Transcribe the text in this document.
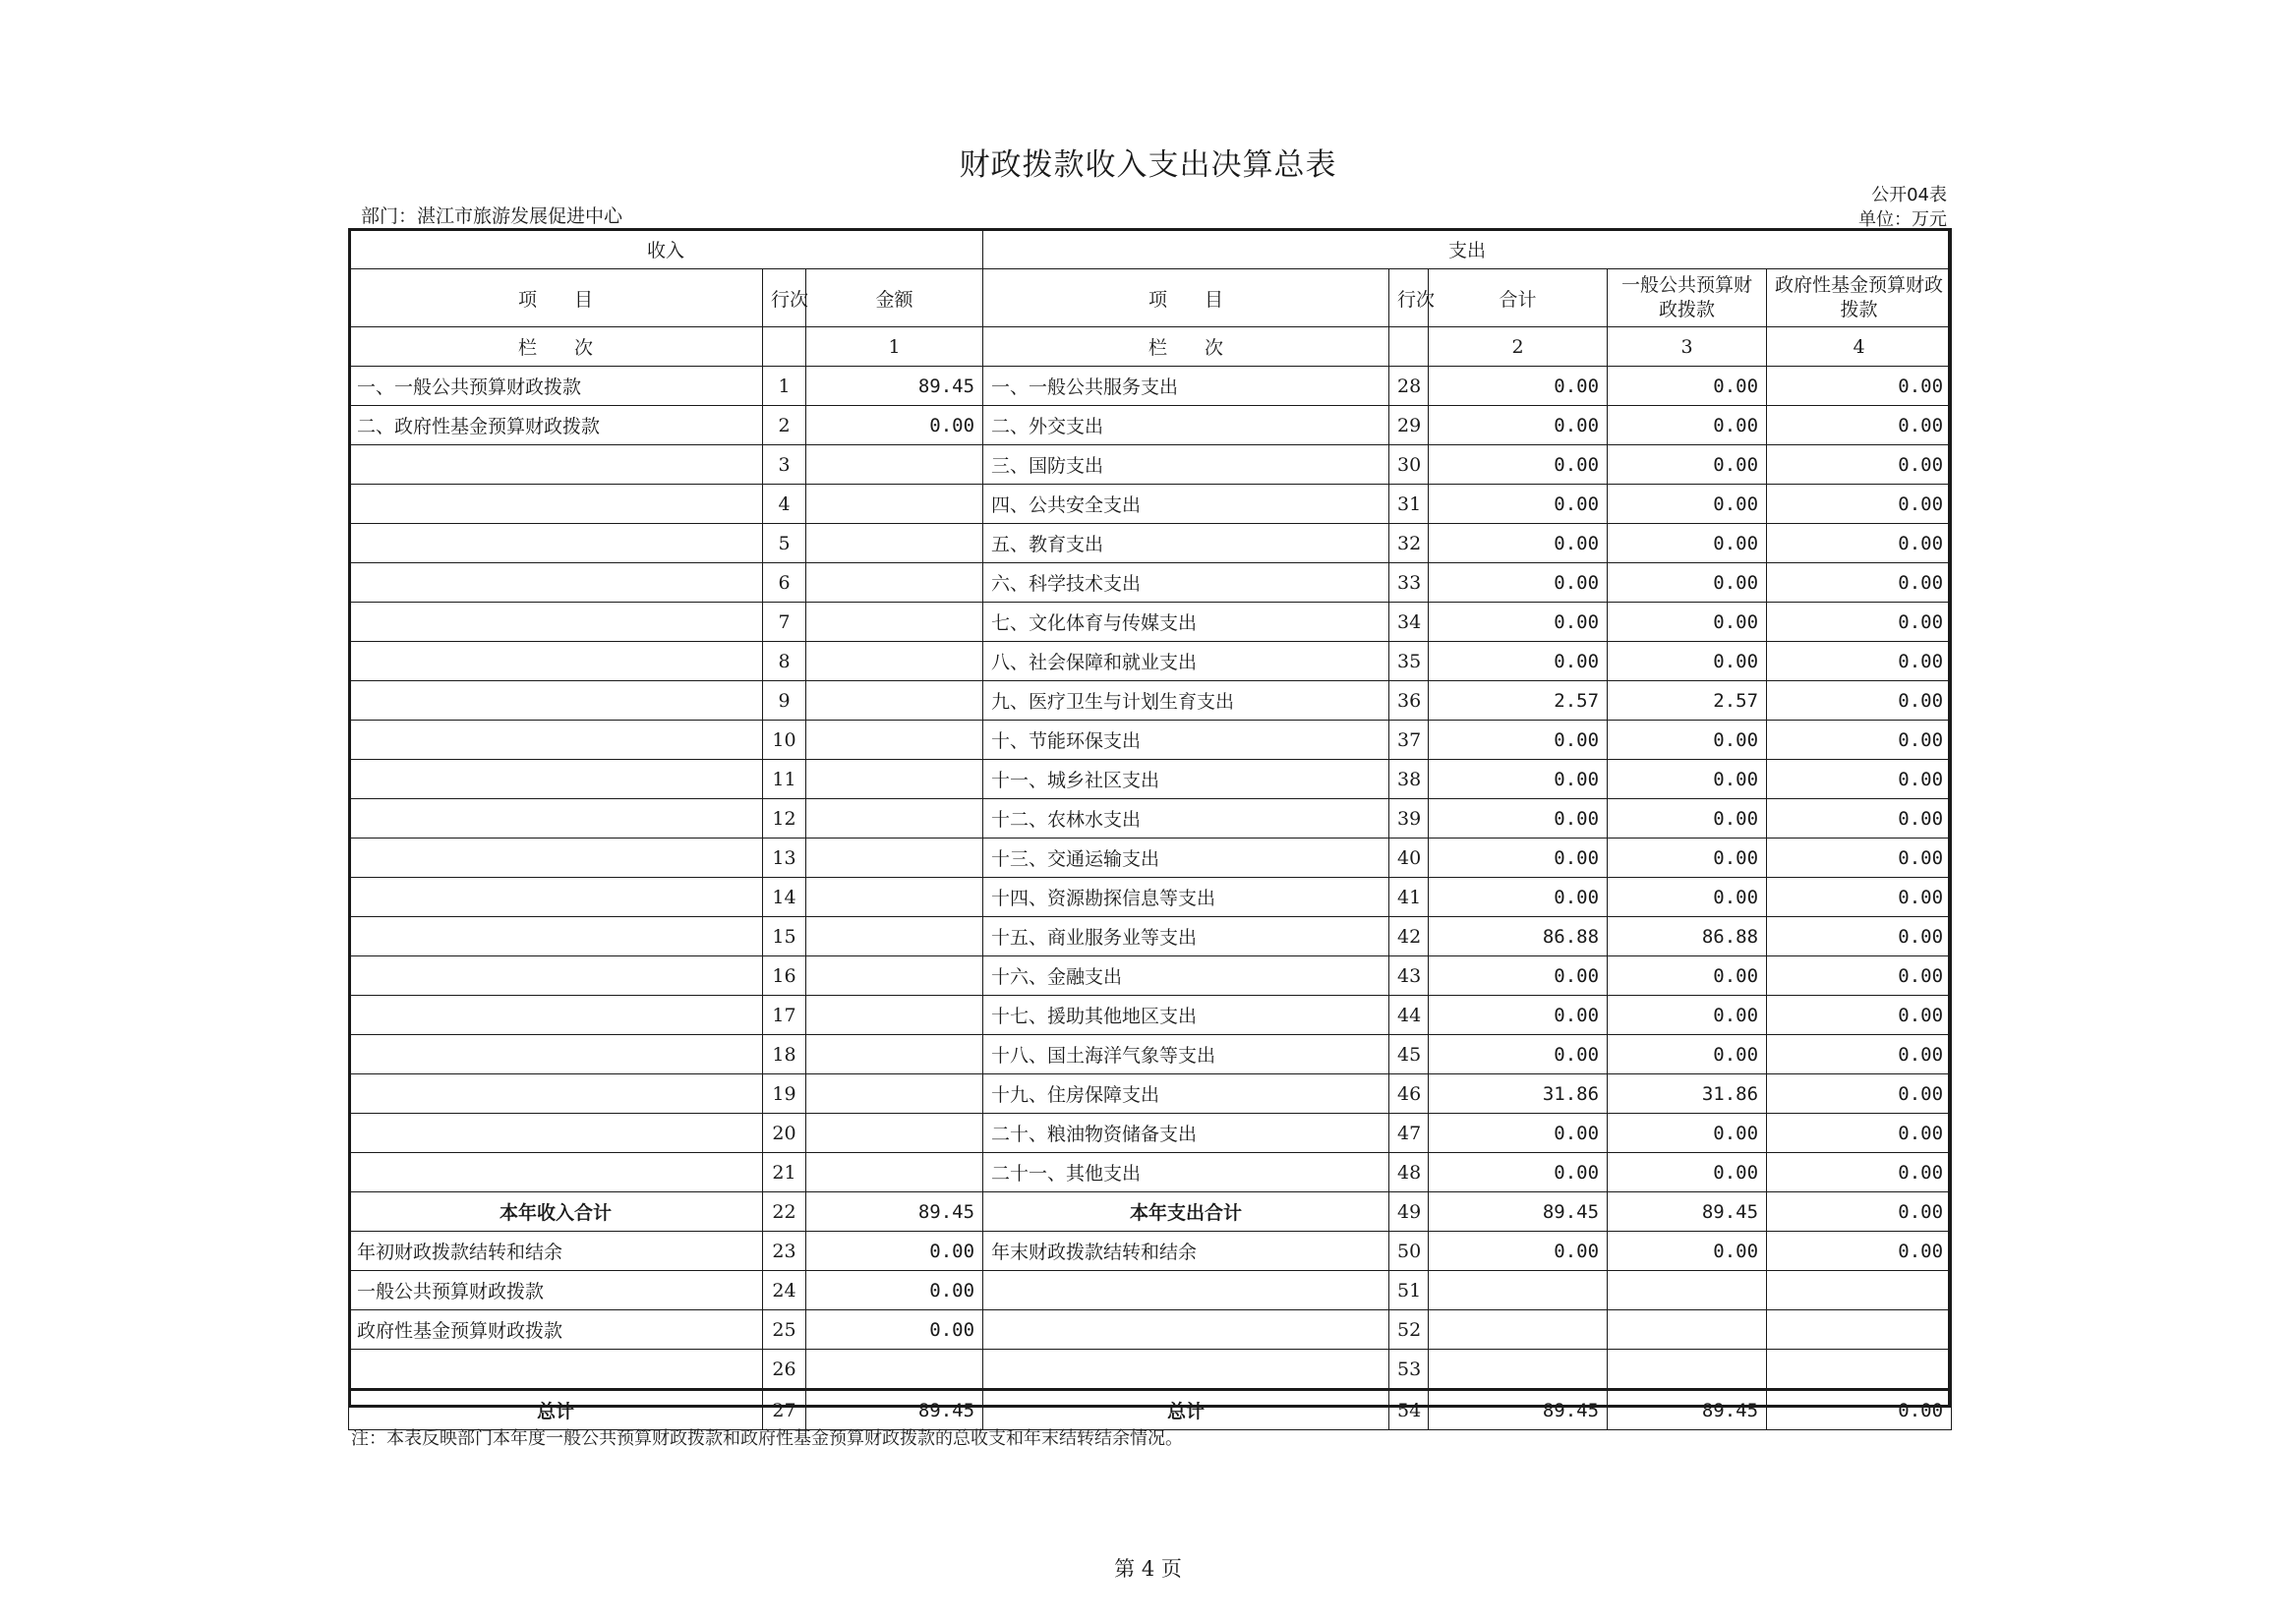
财政拨款收入支出决算总表
公开04表
部门：湛江市旅游发展促进中心	单位：万元
收入			支出				
项　　目	行次	金额	项　　目	行次	合计	一般公共预算财政拨款	政府性基金预算财政拨款
栏　　次		1	栏　　次		2	3	4
一、一般公共预算财政拨款	1	89.45	一、一般公共服务支出	28	0.00	0.00	0.00
二、政府性基金预算财政拨款	2	0.00	二、外交支出	29	0.00	0.00	0.00
	3		三、国防支出	30	0.00	0.00	0.00
	4		四、公共安全支出	31	0.00	0.00	0.00
	5		五、教育支出	32	0.00	0.00	0.00
	6		六、科学技术支出	33	0.00	0.00	0.00
	7		七、文化体育与传媒支出	34	0.00	0.00	0.00
	8		八、社会保障和就业支出	35	0.00	0.00	0.00
	9		九、医疗卫生与计划生育支出	36	2.57	2.57	0.00
	10		十、节能环保支出	37	0.00	0.00	0.00
	11		十一、城乡社区支出	38	0.00	0.00	0.00
	12		十二、农林水支出	39	0.00	0.00	0.00
	13		十三、交通运输支出	40	0.00	0.00	0.00
	14		十四、资源勘探信息等支出	41	0.00	0.00	0.00
	15		十五、商业服务业等支出	42	86.88	86.88	0.00
	16		十六、金融支出	43	0.00	0.00	0.00
	17		十七、援助其他地区支出	44	0.00	0.00	0.00
	18		十八、国土海洋气象等支出	45	0.00	0.00	0.00
	19		十九、住房保障支出	46	31.86	31.86	0.00
	20		二十、粮油物资储备支出	47	0.00	0.00	0.00
	21		二十一、其他支出	48	0.00	0.00	0.00
本年收入合计	22	89.45	本年支出合计	49	89.45	89.45	0.00
年初财政拨款结转和结余	23	0.00	年末财政拨款结转和结余	50	0.00	0.00	0.00
一般公共预算财政拨款	24	0.00		51			
政府性基金预算财政拨款	25	0.00		52			
	26			53			
总计	27	89.45	总计	54	89.45	89.45	0.00
注：本表反映部门本年度一般公共预算财政拨款和政府性基金预算财政拨款的总收支和年末结转结余情况。
第 4 页
